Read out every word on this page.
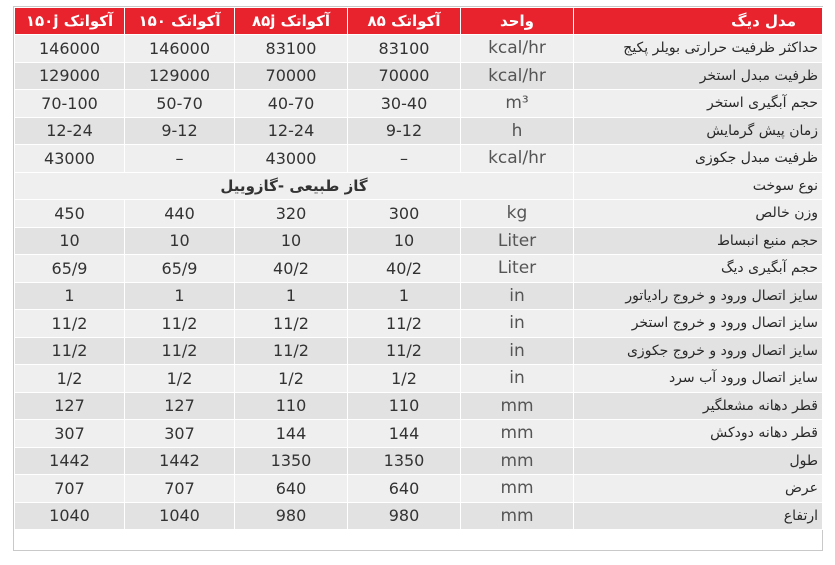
آکواتک ۱۵۰j	آکواتک ۱۵۰	آکواتک ۸۵j	آکواتک ۸۵	واحد	مدل دیگ
146000	146000	83100	83100	kcal/hr	حداکثر ظرفیت حرارتی بویلر پکیج
129000	129000	70000	70000	kcal/hr	ظرفیت مبدل استخر
70-100	50-70	40-70	30-40	m³	حجم آبگیری استخر
12-24	9-12	12-24	9-12	h	زمان پیش گرمایش
43000	–	43000	–	kcal/hr	ظرفیت مبدل جکوزی
گاز طبیعی -گازوییل					نوع سوخت
450	440	320	300	kg	وزن خالص
10	10	10	10	Liter	حجم منبع انبساط
65/9	65/9	40/2	40/2	Liter	حجم آبگیری دیگ
1	1	1	1	in	سایز اتصال ورود و خروج رادیاتور
11/2	11/2	11/2	11/2	in	سایز اتصال ورود و خروج استخر
11/2	11/2	11/2	11/2	in	سایز اتصال ورود و خروج جکوزی
1/2	1/2	1/2	1/2	in	سایز اتصال ورود آب سرد
127	127	110	110	mm	قطر دهانه مشعلگیر
307	307	144	144	mm	قطر دهانه دودکش
1442	1442	1350	1350	mm	طول
707	707	640	640	mm	عرض
1040	1040	980	980	mm	ارتفاع
